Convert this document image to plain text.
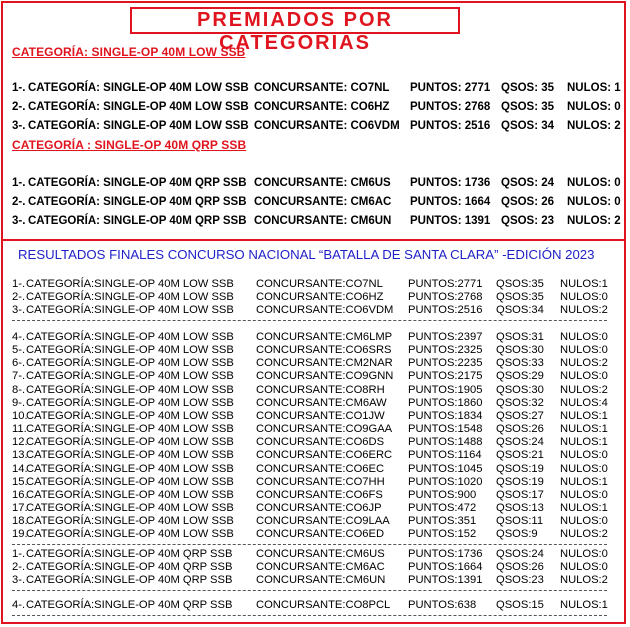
PREMIADOS POR CATEGORIAS
CATEGORÍA: SINGLE-OP 40M LOW SSB
1-. CATEGORÍA: SINGLE-OP 40M LOW SSB CONCURSANTE: CO7NL PUNTOS: 2771 QSOS: 35 NULOS: 1
2-. CATEGORÍA: SINGLE-OP 40M LOW SSB CONCURSANTE: CO6HZ PUNTOS: 2768 QSOS: 35 NULOS: 0
3-. CATEGORÍA: SINGLE-OP 40M LOW SSB CONCURSANTE: CO6VDM PUNTOS: 2516 QSOS: 34 NULOS: 2
CATEGORÍA : SINGLE-OP 40M QRP SSB
1-. CATEGORÍA: SINGLE-OP 40M QRP SSB CONCURSANTE: CM6US PUNTOS: 1736 QSOS: 24 NULOS: 0
2-. CATEGORÍA: SINGLE-OP 40M QRP SSB CONCURSANTE: CM6AC PUNTOS: 1664 QSOS: 26 NULOS: 0
3-. CATEGORÍA: SINGLE-OP 40M QRP SSB CONCURSANTE: CM6UN PUNTOS: 1391 QSOS: 23 NULOS: 2
RESULTADOS FINALES CONCURSO NACIONAL “BATALLA DE SANTA CLARA” -EDICIÓN 2023
1-. CATEGORÍA:SINGLE-OP 40M LOW SSB CONCURSANTE:CO7NL PUNTOS:2771 QSOS:35 NULOS:1
2-. CATEGORÍA:SINGLE-OP 40M LOW SSB CONCURSANTE:CO6HZ PUNTOS:2768 QSOS:35 NULOS:0
3-. CATEGORÍA:SINGLE-OP 40M LOW SSB CONCURSANTE:CO6VDM PUNTOS:2516 QSOS:34 NULOS:2
4-. CATEGORÍA:SINGLE-OP 40M LOW SSB CONCURSANTE:CM6LMP PUNTOS:2397 QSOS:31 NULOS:0
5-. CATEGORÍA:SINGLE-OP 40M LOW SSB CONCURSANTE:CO6SRS PUNTOS:2325 QSOS:30 NULOS:0
6-. CATEGORÍA:SINGLE-OP 40M LOW SSB CONCURSANTE:CM2NAR PUNTOS:2235 QSOS:33 NULOS:2
7-. CATEGORÍA:SINGLE-OP 40M LOW SSB CONCURSANTE:CO9GNN PUNTOS:2175 QSOS:29 NULOS:0
8-. CATEGORÍA:SINGLE-OP 40M LOW SSB CONCURSANTE:CO8RH PUNTOS:1905 QSOS:30 NULOS:2
9-. CATEGORÍA:SINGLE-OP 40M LOW SSB CONCURSANTE:CM6AW PUNTOS:1860 QSOS:32 NULOS:4
10.
CATEGORÍA:SINGLE-OP 40M LOW SSB CONCURSANTE:CO1JW PUNTOS:1834 QSOS:27 NULOS:1
11. CATEGORÍA:SINGLE-OP 40M LOW SSB CONCURSANTE:CO9GAA PUNTOS:1548 QSOS:26 NULOS:1
12.
CATEGORÍA:SINGLE-OP 40M LOW SSB CONCURSANTE:CO6DS PUNTOS:1488 QSOS:24 NULOS:1
13.
CATEGORÍA:SINGLE-OP 40M LOW SSB CONCURSANTE:CO6ERC PUNTOS:1164 QSOS:21 NULOS:0
14.
CATEGORÍA:SINGLE-OP 40M LOW SSB CONCURSANTE:CO6EC PUNTOS:1045 QSOS:19 NULOS:0
15.
CATEGORÍA:SINGLE-OP 40M LOW SSB CONCURSANTE:CO7HH PUNTOS:1020 QSOS:19 NULOS:1
16.
CATEGORÍA:SINGLE-OP 40M LOW SSB CONCURSANTE:CO6FS PUNTOS:900 QSOS:17 NULOS:0
17.
CATEGORÍA:SINGLE-OP 40M LOW SSB CONCURSANTE:CO6JP PUNTOS:472 QSOS:13 NULOS:1
18.
CATEGORÍA:SINGLE-OP 40M LOW SSB CONCURSANTE:CO9LAA PUNTOS:351 QSOS:11 NULOS:0
19.
CATEGORÍA:SINGLE-OP 40M LOW SSB CONCURSANTE:CO6ED PUNTOS:152 QSOS:9 NULOS:2
1-. CATEGORÍA:SINGLE-OP 40M QRP SSB CONCURSANTE:CM6US PUNTOS:1736 QSOS:24 NULOS:0
2-. CATEGORÍA:SINGLE-OP 40M QRP SSB CONCURSANTE:CM6AC PUNTOS:1664 QSOS:26 NULOS:0
3-. CATEGORÍA:SINGLE-OP 40M QRP SSB CONCURSANTE:CM6UN PUNTOS:1391 QSOS:23 NULOS:2
4-. CATEGORÍA:SINGLE-OP 40M QRP SSB CONCURSANTE:CO8PCL PUNTOS:638 QSOS:15 NULOS:1
